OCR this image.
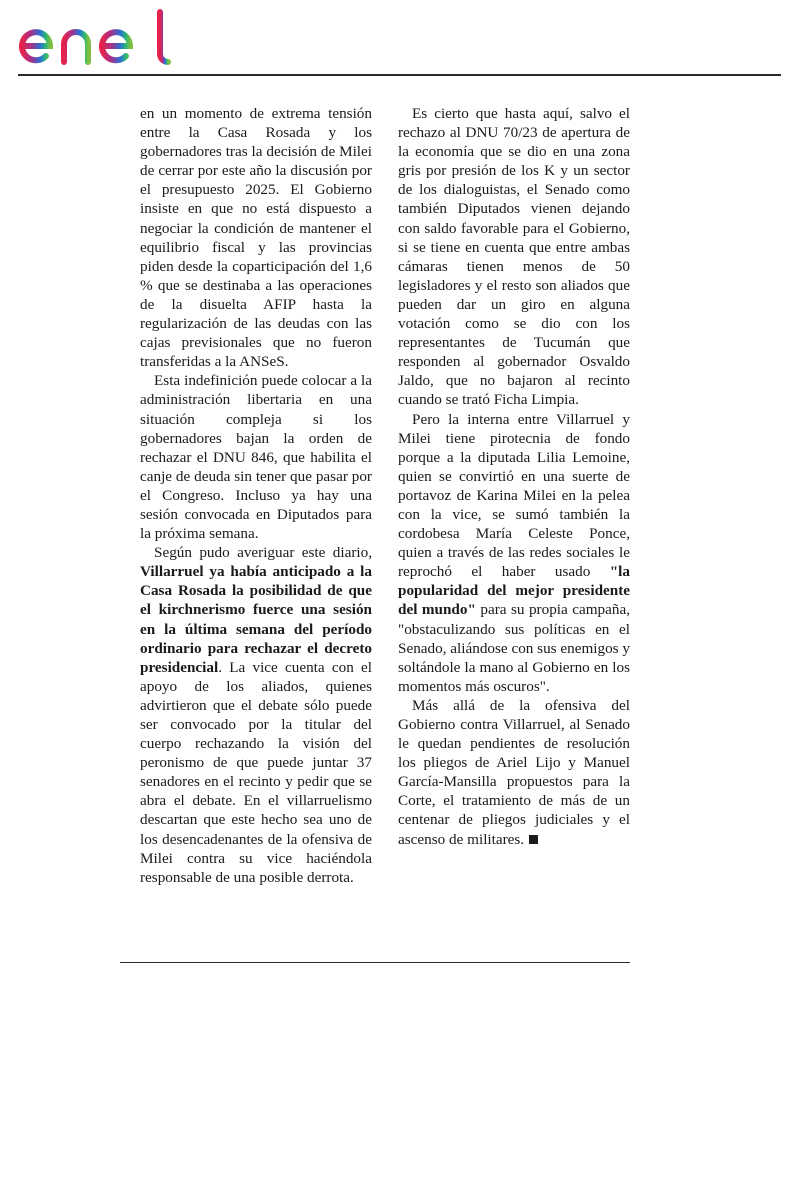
en un momento de extrema tensión entre la Casa Rosada y los gobernadores tras la decisión de Milei de cerrar por este año la discusión por el presupuesto 2025. El Gobierno insiste en que no está dispuesto a negociar la condición de mantener el equilibrio fiscal y las provincias piden desde la coparticipación del 1,6 % que se destinaba a las operaciones de la disuelta AFIP hasta la regularización de las deudas con las cajas previsionales que no fueron transferidas a la ANSeS.

Esta indefinición puede colocar a la administración libertaria en una situación compleja si los gobernadores bajan la orden de rechazar el DNU 846, que habilita el canje de deuda sin tener que pasar por el Congreso. Incluso ya hay una sesión convocada en Diputados para la próxima semana.

Según pudo averiguar este diario, Villarruel ya había anticipado a la Casa Rosada la posibilidad de que el kirchnerismo fuerce una sesión en la última semana del período ordinario para rechazar el decreto presidencial. La vice cuenta con el apoyo de los aliados, quienes advirtieron que el debate sólo puede ser convocado por la titular del cuerpo rechazando la visión del peronismo de que puede juntar 37 senadores en el recinto y pedir que se abra el debate. En el villarruelismo descartan que este hecho sea uno de los desencadenantes de la ofensiva de Milei contra su vice haciéndola responsable de una posible derrota.

Es cierto que hasta aquí, salvo el rechazo al DNU 70/23 de apertura de la economía que se dio en una zona gris por presión de los K y un sector de los dialoguistas, el Senado como también Diputados vienen dejando con saldo favorable para el Gobierno, si se tiene en cuenta que entre ambas cámaras tienen menos de 50 legisladores y el resto son aliados que pueden dar un giro en alguna votación como se dio con los representantes de Tucumán que responden al gobernador Osvaldo Jaldo, que no bajaron al recinto cuando se trató Ficha Limpia.

Pero la interna entre Villarruel y Milei tiene pirotecnia de fondo porque a la diputada Lilia Lemoine, quien se convirtió en una suerte de portavoz de Karina Milei en la pelea con la vice, se sumó también la cordobesa María Celeste Ponce, quien a través de las redes sociales le reprochó el haber usado "la popularidad del mejor presidente del mundo" para su propia campaña, "obstaculizando sus políticas en el Senado, aliándose con sus enemigos y soltándole la mano al Gobierno en los momentos más oscuros".

Más allá de la ofensiva del Gobierno contra Villarruel, al Senado le quedan pendientes de resolución los pliegos de Ariel Lijo y Manuel García-Mansilla propuestos para la Corte, el tratamiento de más de un centenar de pliegos judiciales y el ascenso de militares.
